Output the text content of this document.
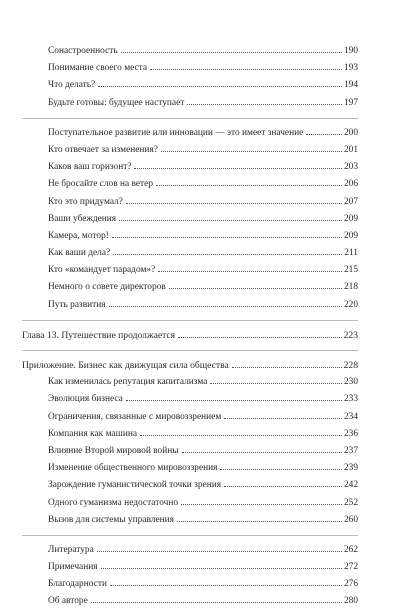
Сонастроенность	190
Понимание своего места	193
Что делать?	194
Будьте готовы: будущее наступает	197
Поступательное развитие или инновации — это имеет значение	200
Кто отвечает за изменения?	201
Каков ваш горизонт?	203
Не бросайте слов на ветер	206
Кто это придумал?	207
Ваши убеждения	209
Камера, мотор!	209
Как ваши дела?	211
Кто «командует парадом»?	215
Немного о совете директоров	218
Путь развития	220
Глава 13. Путешествие продолжается	223
Приложение. Бизнес как движущая сила общества	228
Как изменилась репутация капитализма	230
Эволюция бизнеса	233
Ограничения, связанные с мировоззрением	234
Компания как машина	236
Влияние Второй мировой войны	237
Изменение общественного мировоззрения	239
Зарождение гуманистической точки зрения	242
Одного гуманизма недостаточно	252
Вызов для системы управления	260
Литература	262
Примечания	272
Благодарности	276
Об авторе	280
